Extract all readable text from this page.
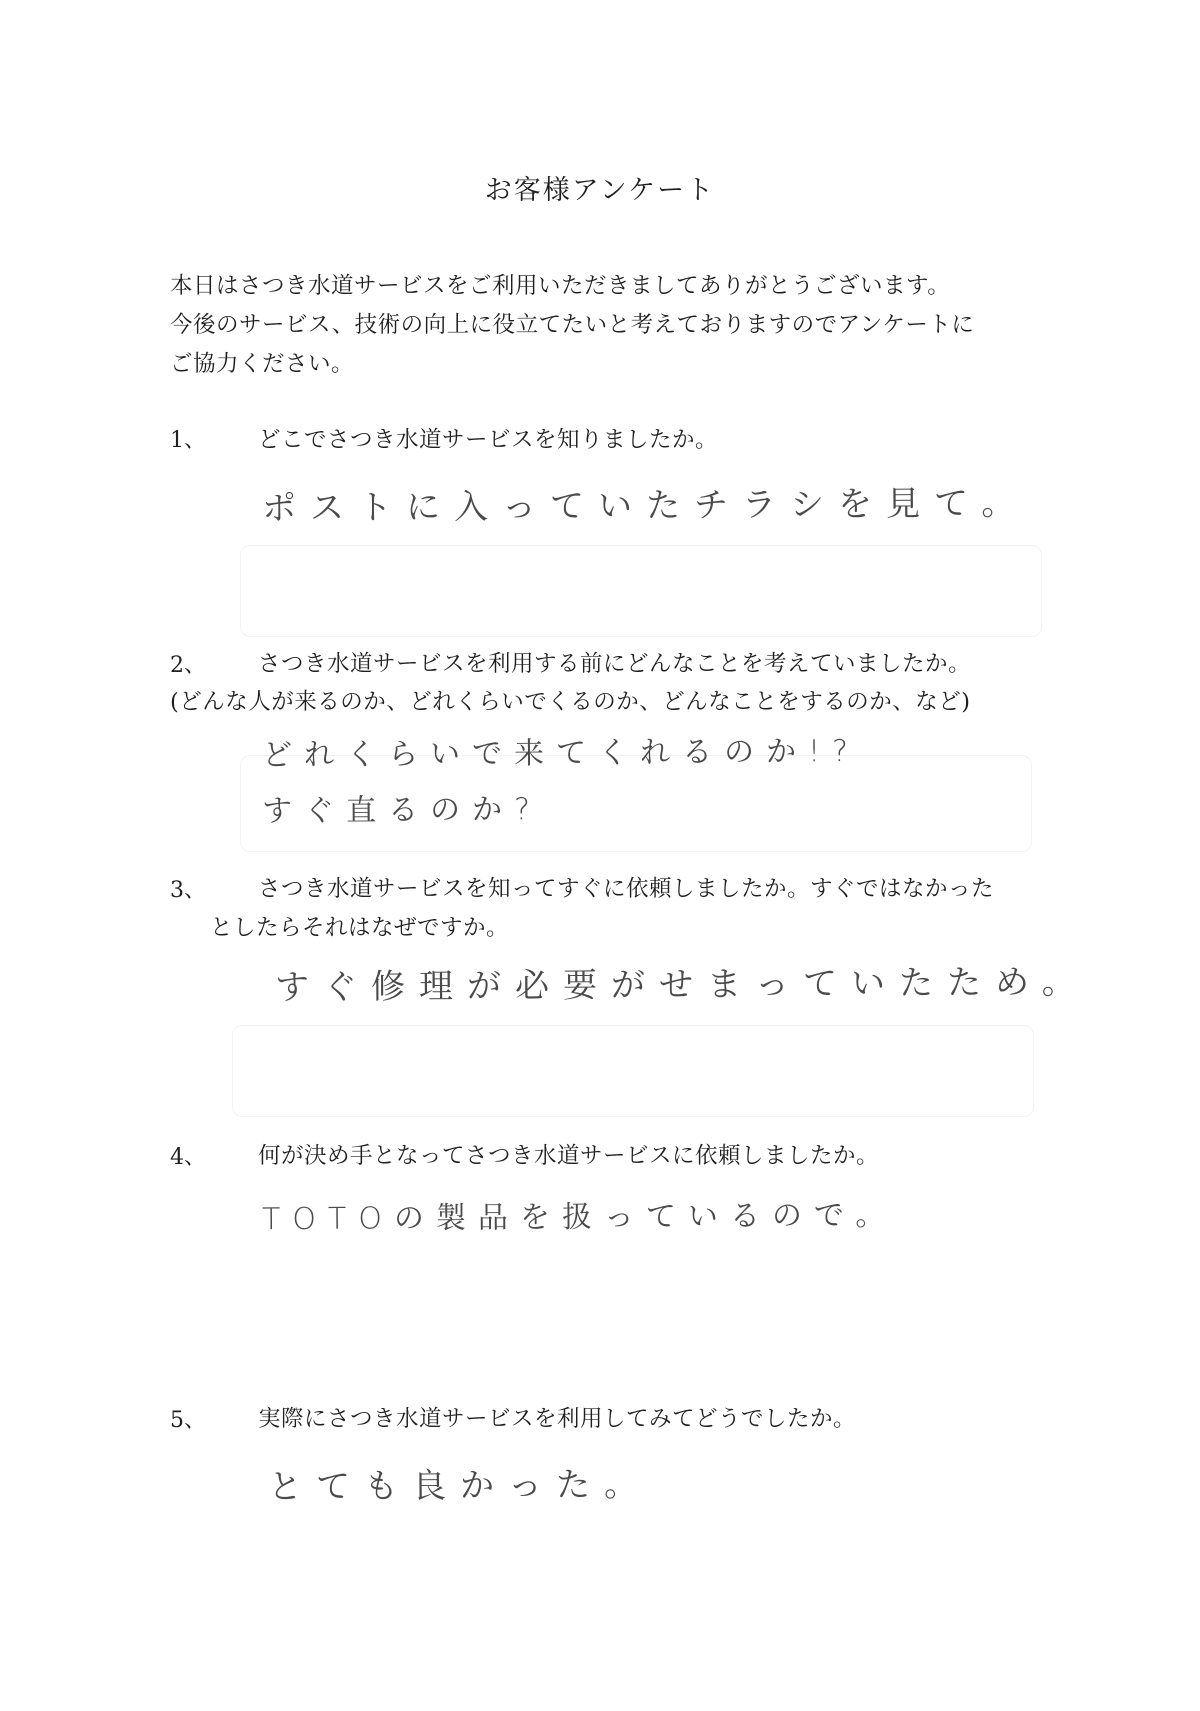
お客様アンケート
本日はさつき水道サービスをご利用いただきましてありがとうございます。
今後のサービス、技術の向上に役立てたいと考えておりますのでアンケートに
ご協力ください。
1、 どこでさつき水道サービスを知りましたか。
ポストに入っていたチラシを見て。
2、 さつき水道サービスを利用する前にどんなことを考えていましたか。
(どんな人が来るのか、どれくらいでくるのか、どんなことをするのか、など)
どれくらいで来てくれるのか!?
すぐ直るのか?
3、 さつき水道サービスを知ってすぐに依頼しましたか。すぐではなかった
としたらそれはなぜですか。
すぐ修理が必要がせまっていたため。
4、 何が決め手となってさつき水道サービスに依頼しましたか。
TOTOの製品を扱っているので。
5、 実際にさつき水道サービスを利用してみてどうでしたか。
とても良かった。
